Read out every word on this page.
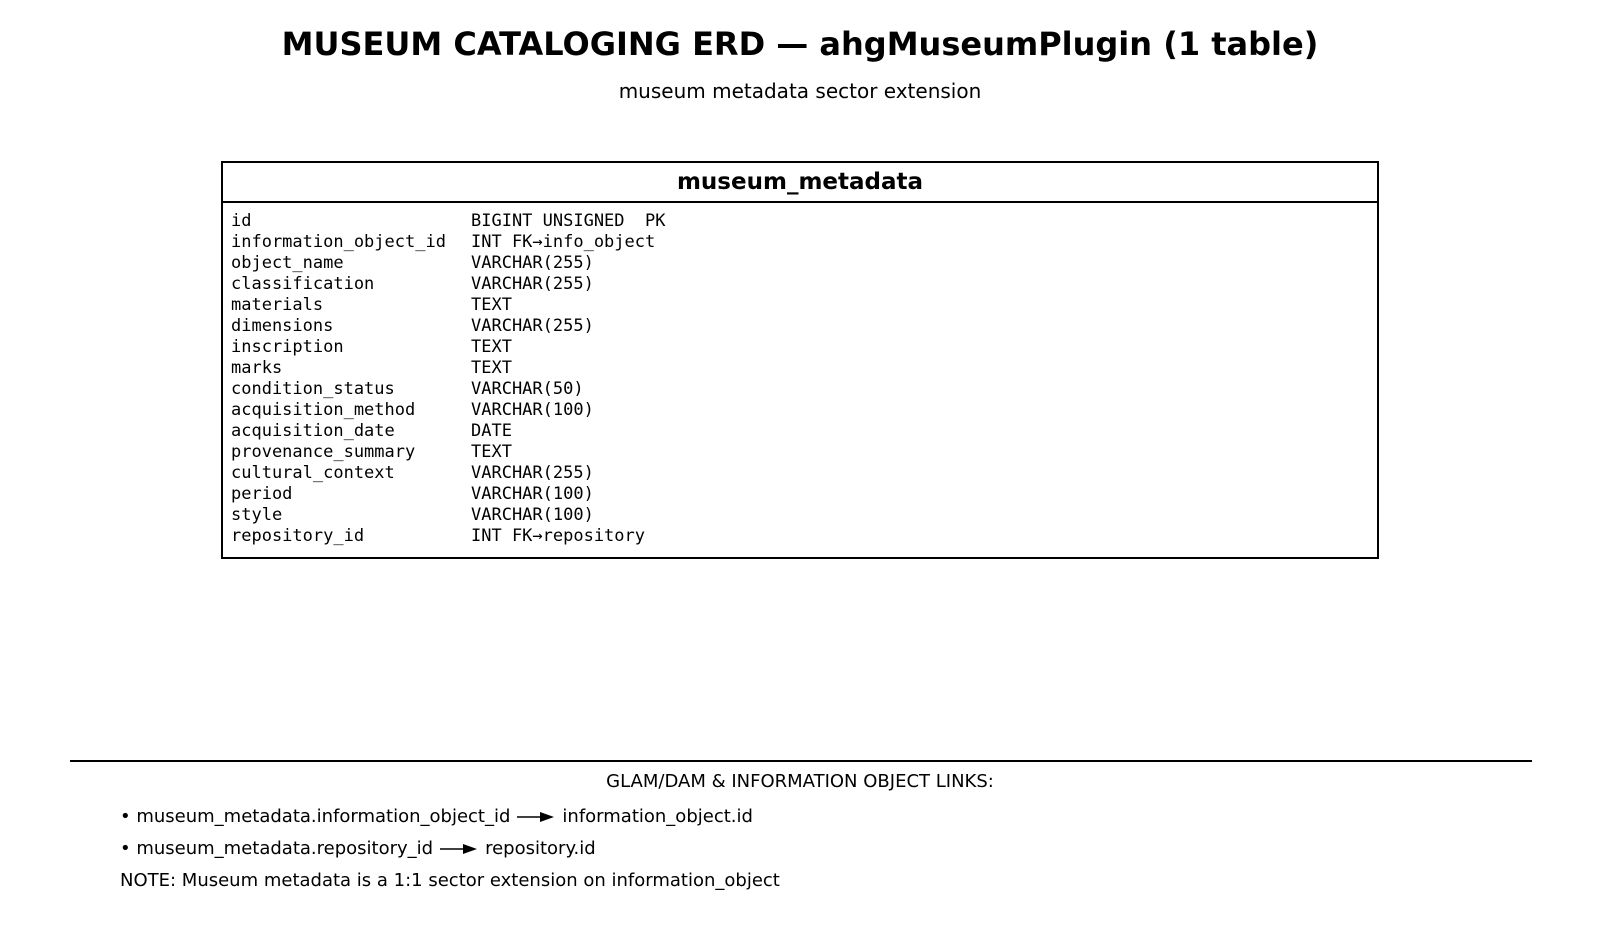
MUSEUM CATALOGING ERD — ahgMuseumPlugin (1 table)
museum metadata sector extension
museum_metadata
id	BIGINT UNSIGNED  PK
information_object_id	INT FK→info_object
object_name	VARCHAR(255)
classification	VARCHAR(255)
materials	TEXT
dimensions	VARCHAR(255)
inscription	TEXT
marks	TEXT
condition_status	VARCHAR(50)
acquisition_method	VARCHAR(100)
acquisition_date	DATE
provenance_summary	TEXT
cultural_context	VARCHAR(255)
period	VARCHAR(100)
style	VARCHAR(100)
repository_id	INT FK→repository
GLAM/DAM & INFORMATION OBJECT LINKS:
• museum_metadata.information_object_id	information_object.id
• museum_metadata.repository_id	repository.id
NOTE: Museum metadata is a 1:1 sector extension on information_object
